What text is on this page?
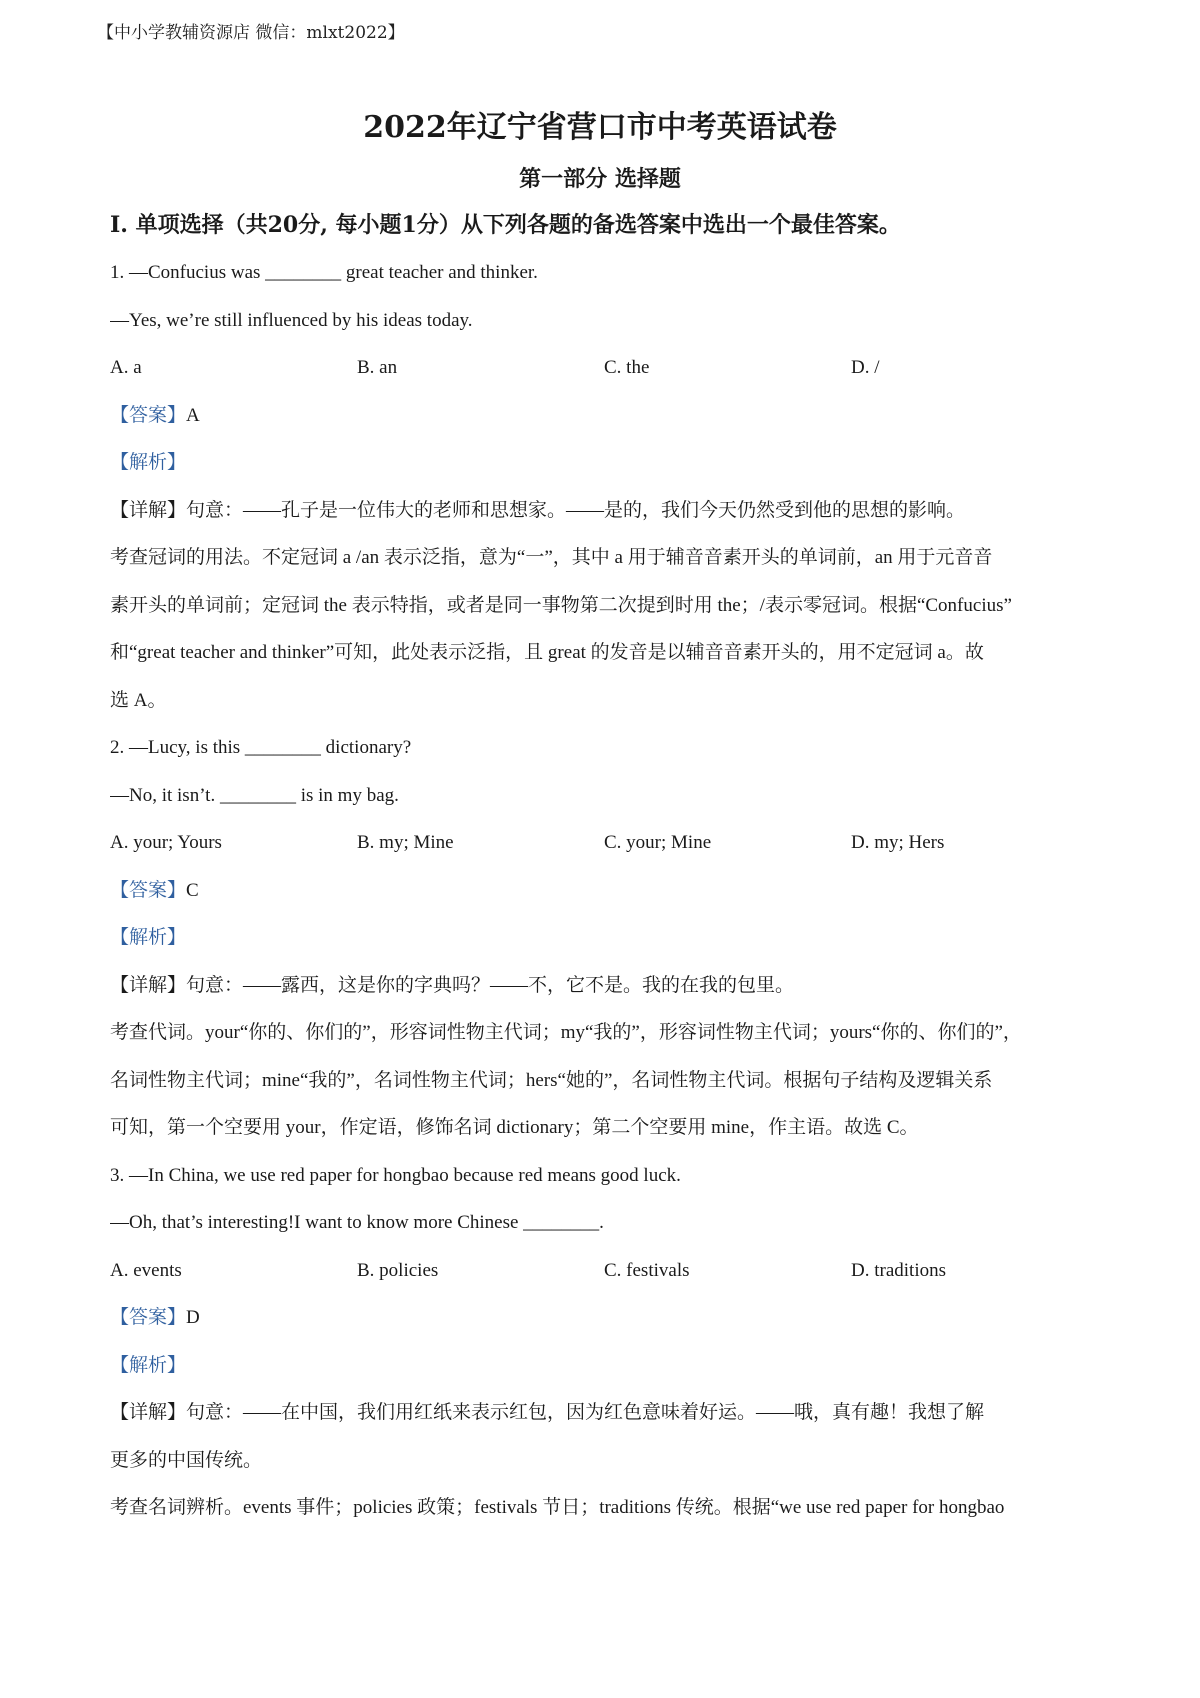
【中小学教辅资源店 微信：mlxt2022】
2022年辽宁省营口市中考英语试卷
第一部分 选择题
I. 单项选择（共20分, 每小题1分）从下列各题的备选答案中选出一个最佳答案。
1. —Confucius was ________ great teacher and thinker.
—Yes, we’re still influenced by his ideas today.
A. a	B. an	C. the	D. /
【答案】A
【解析】
【详解】句意：——孔子是一位伟大的老师和思想家。——是的，我们今天仍然受到他的思想的影响。
考查冠词的用法。不定冠词 a /an 表示泛指，意为“一”，其中 a 用于辅音音素开头的单词前，an 用于元音音
素开头的单词前；定冠词 the 表示特指，或者是同一事物第二次提到时用 the；/表示零冠词。根据“Confucius”
和“great teacher and thinker”可知，此处表示泛指，且 great 的发音是以辅音音素开头的，用不定冠词 a。故
选 A。
2. —Lucy, is this ________ dictionary?
—No, it isn’t. ________ is in my bag.
A. your; Yours	B. my; Mine	C. your; Mine	D. my; Hers
【答案】C
【解析】
【详解】句意：——露西，这是你的字典吗？——不，它不是。我的在我的包里。
考查代词。your“你的、你们的”，形容词性物主代词；my“我的”，形容词性物主代词；yours“你的、你们的”，
名词性物主代词；mine“我的”，名词性物主代词；hers“她的”，名词性物主代词。根据句子结构及逻辑关系
可知，第一个空要用 your，作定语，修饰名词 dictionary；第二个空要用 mine，作主语。故选 C。
3. —In China, we use red paper for hongbao because red means good luck.
—Oh, that’s interesting!I want to know more Chinese ________.
A. events	B. policies	C. festivals	D. traditions
【答案】D
【解析】
【详解】句意：——在中国，我们用红纸来表示红包，因为红色意味着好运。——哦，真有趣！我想了解
更多的中国传统。
考查名词辨析。events 事件；policies 政策；festivals 节日；traditions 传统。根据“we use red paper for hongbao
